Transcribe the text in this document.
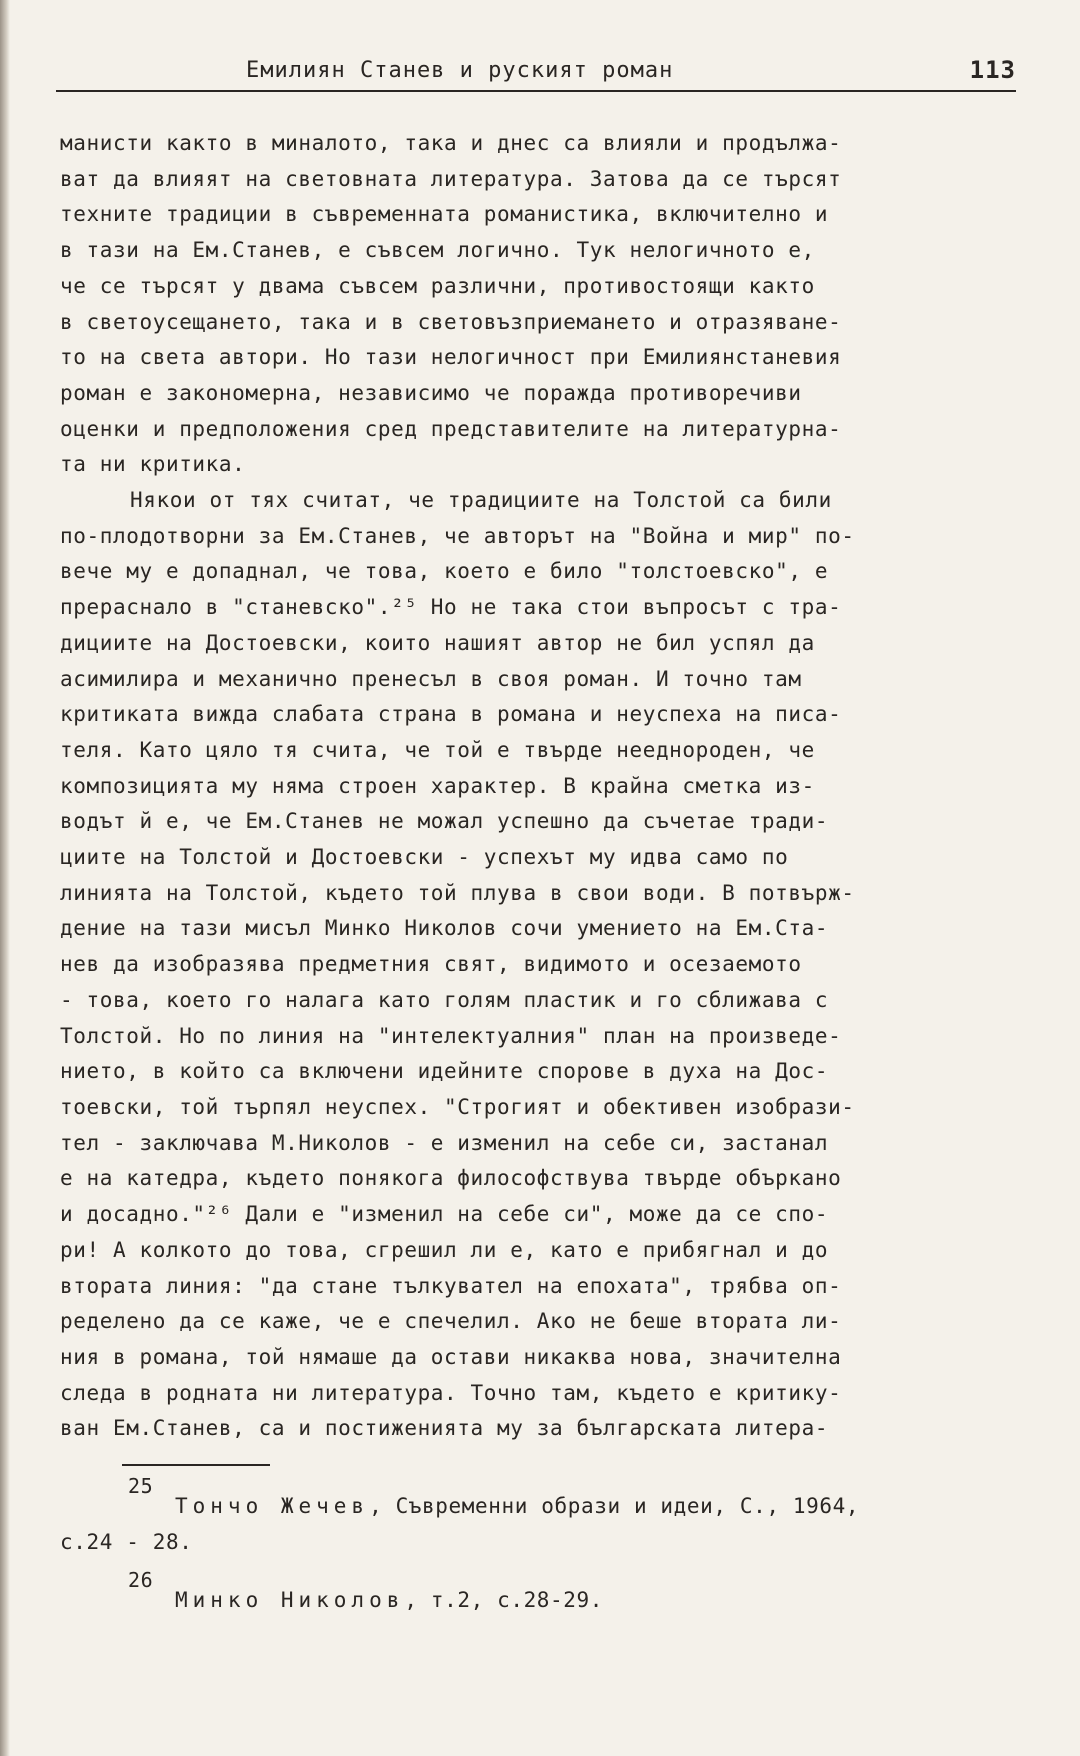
Емилиян Станев и руският роман	113
манисти както в миналото, така и днес са влияли и продължа-
ват да влияят на световната литература. Затова да се търсят
техните традиции в съвременната романистика, включително и
в тази на Ем.Станев, е съвсем логично. Тук нелогичното е,
че се търсят у двама съвсем различни, противостоящи както
в светоусещането, така и в световъзприемането и отразяване-
то на света автори. Но тази нелогичност при Емилиянстаневия
роман е закономерна, независимо че поражда противоречиви
оценки и предположения сред представителите на литературна-
та ни критика.
Някои от тях считат, че традициите на Толстой са били
по-плодотворни за Ем.Станев, че авторът на "Война и мир" по-
вече му е допаднал, че това, което е било "толстоевско", е
прераснало в "станевско".²⁵ Но не така стои въпросът с тра-
дициите на Достоевски, които нашият автор не бил успял да
асимилира и механично пренесъл в своя роман. И точно там
критиката вижда слабата страна в романа и неуспеха на писа-
теля. Като цяло тя счита, че той е твърде нееднороден, че
композицията му няма строен характер. В крайна сметка из-
водът й е, че Ем.Станев не можал успешно да съчетае тради-
циите на Толстой и Достоевски - успехът му идва само по
линията на Толстой, където той плува в свои води. В потвърж-
дение на тази мисъл Минко Николов сочи умението на Ем.Ста-
нев да изобразява предметния свят, видимото и осезаемото
- това, което го налага като голям пластик и го сближава с
Толстой. Но по линия на "интелектуалния" план на произведе-
нието, в който са включени идейните спорове в духа на Дос-
тоевски, той търпял неуспех. "Строгият и обективен изобрази-
тел - заключава М.Николов - е изменил на себе си, застанал
е на катедра, където понякога философствува твърде объркано
и досадно."²⁶ Дали е "изменил на себе си", може да се спо-
ри! А колкото до това, сгрешил ли е, като е прибягнал и до
втората линия: "да стане тълкувател на епохата", трябва оп-
ределено да се каже, че е спечелил. Ако не беше втората ли-
ния в романа, той нямаше да остави никаква нова, значителна
следа в родната ни литература. Точно там, където е критику-
ван Ем.Станев, са и постиженията му за българската литера-
25
Тончо Жечев, Съвременни образи и идеи, С., 1964,
с.24 - 28.
26
Минко Николов, т.2, с.28-29.
